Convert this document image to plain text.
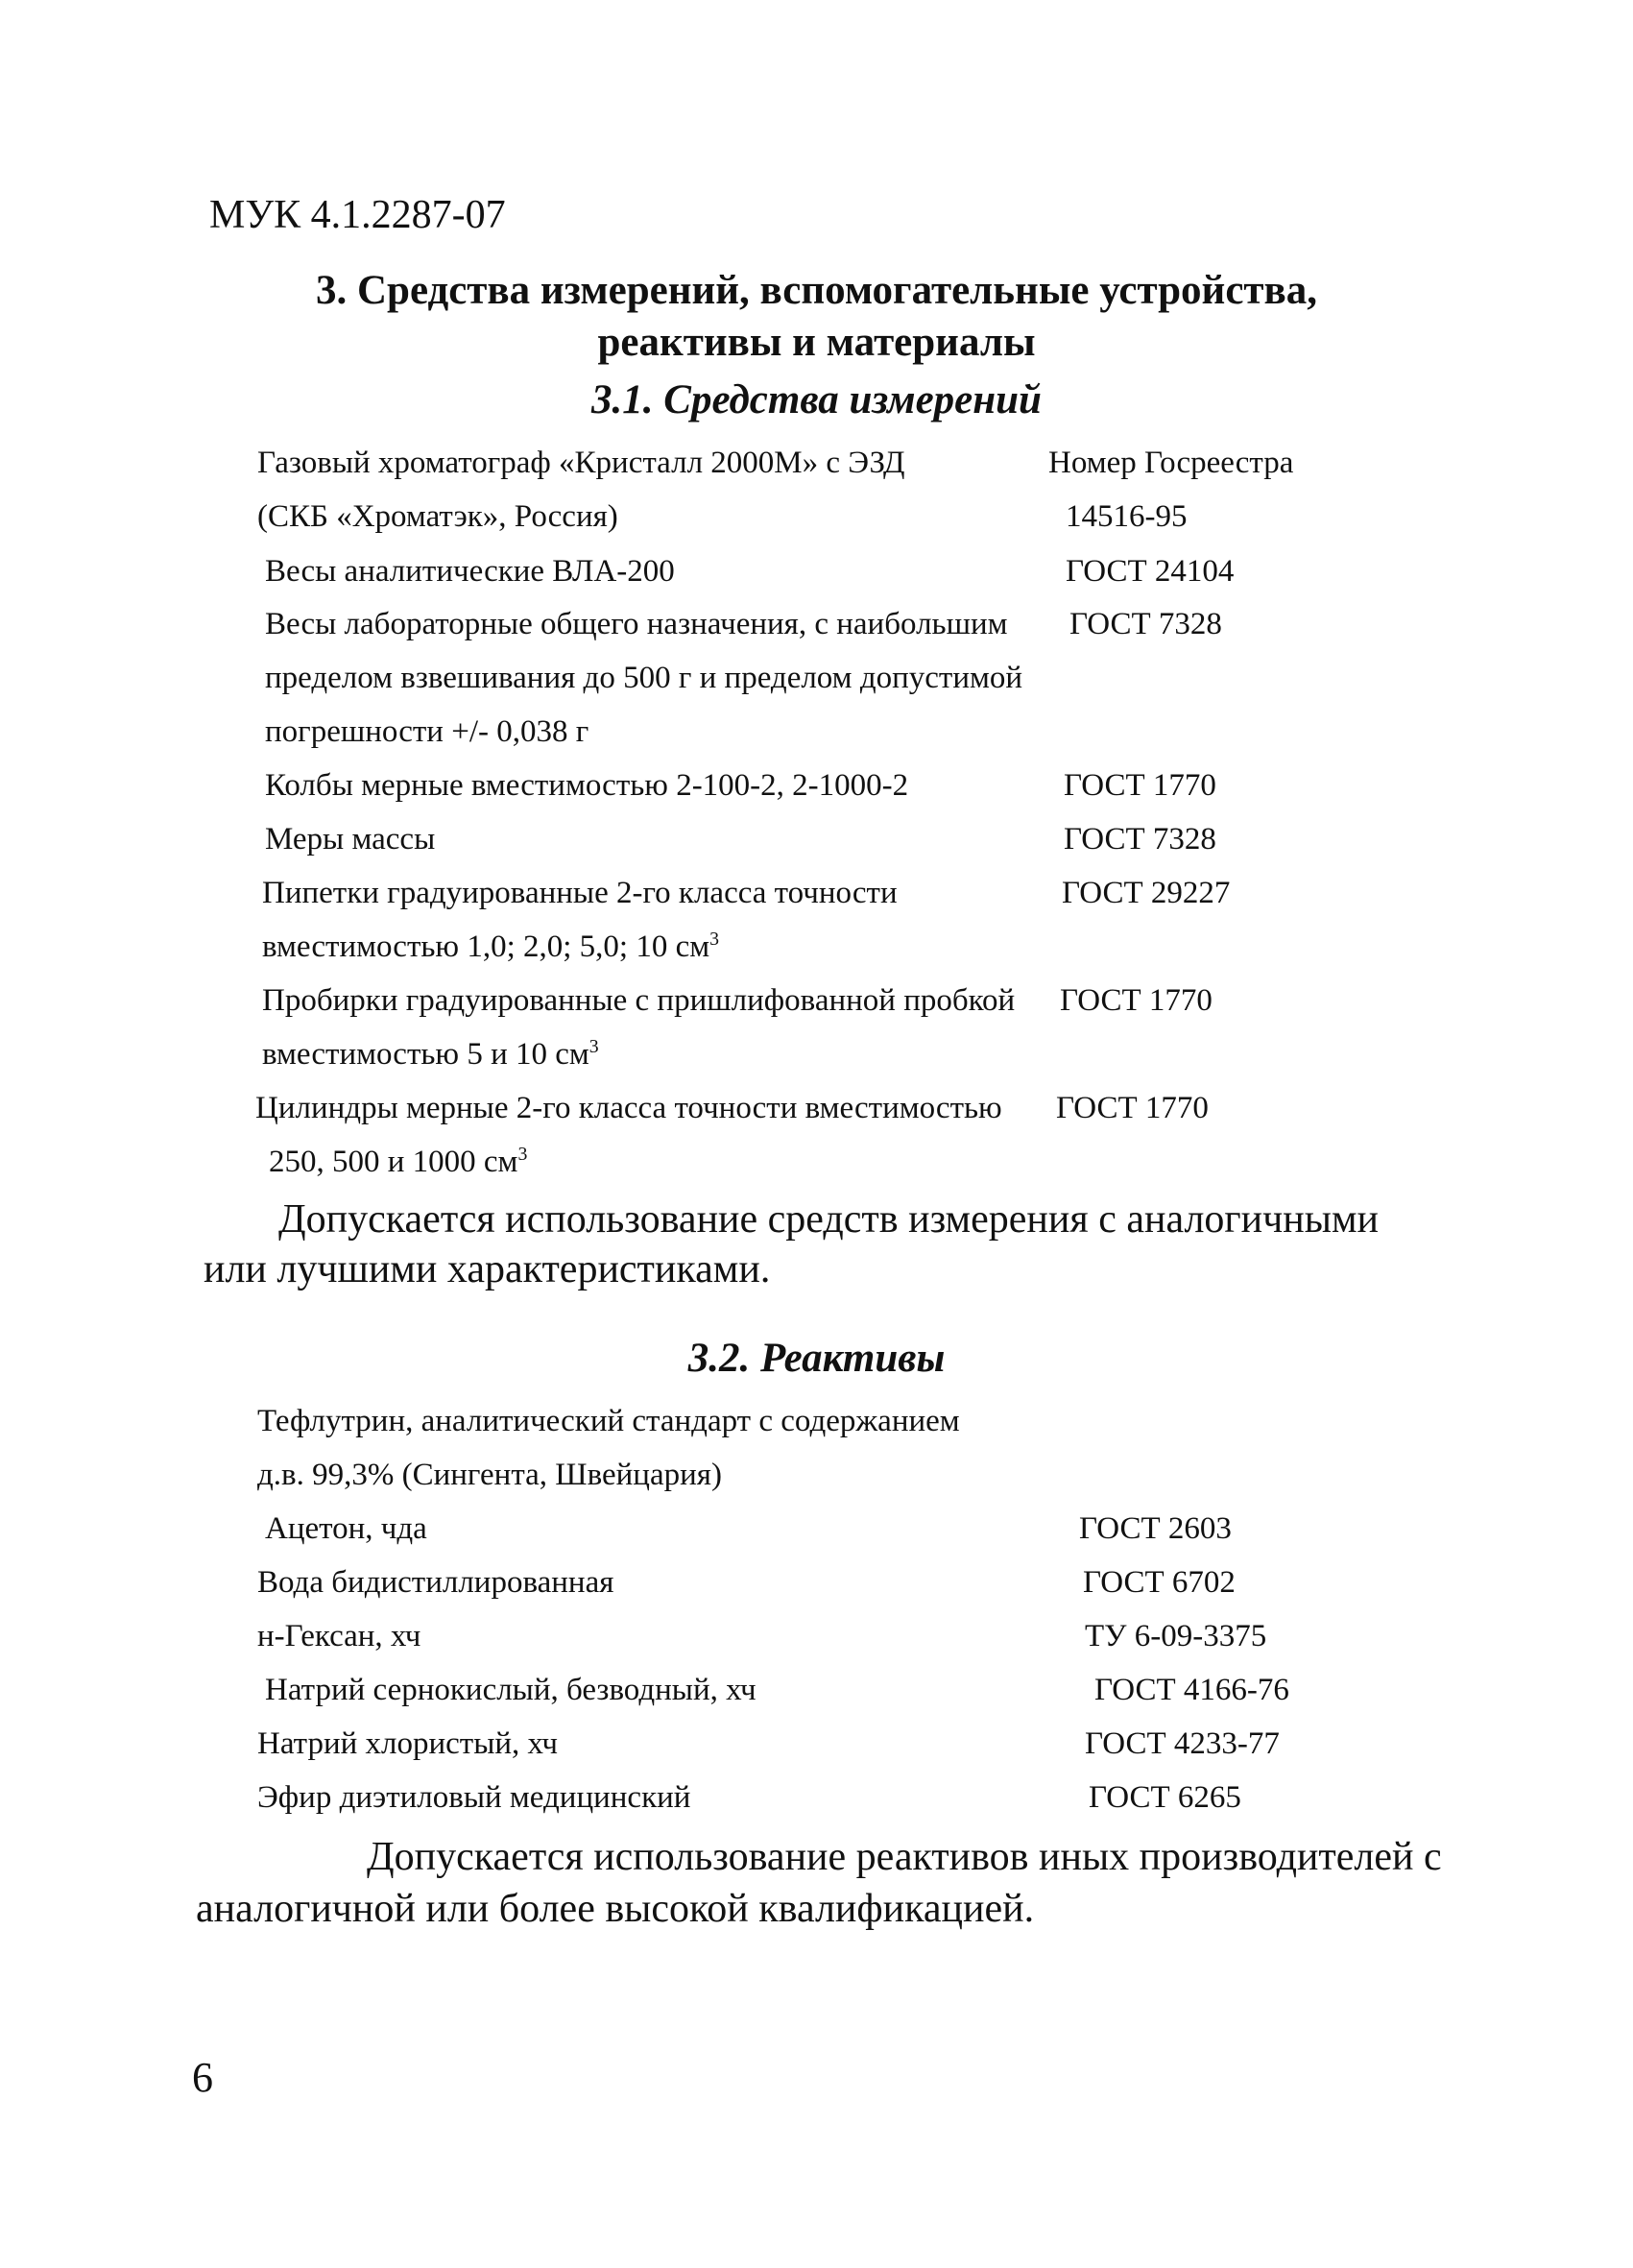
МУК 4.1.2287-07
3. Средства измерений, вспомогательные устройства,
реактивы и материалы
3.1. Средства измерений
Газовый хроматограф «Кристалл 2000М» с ЭЗД	Номер Госреестра
(СКБ «Хроматэк», Россия)	14516-95
Весы аналитические ВЛА-200	ГОСТ 24104
Весы лабораторные общего назначения, с наибольшим ГОСТ 7328
пределом взвешивания до 500 г и пределом допустимой
погрешности +/- 0,038 г
Колбы мерные вместимостью 2-100-2, 2-1000-2	ГОСТ 1770
Меры массы	ГОСТ 7328
Пипетки градуированные 2-го класса точности	ГОСТ 29227
вместимостью 1,0; 2,0; 5,0; 10 $см^3$
Пробирки градуированные с пришлифованной пробкой ГОСТ 1770
вместимостью 5 и 10 $см^3$
Цилиндры мерные 2-го класса точности вместимостью ГОСТ 1770
250, 500 и 1000 $см^3$
Допускается использование средств измерения с аналогичными
или лучшими характеристиками.
3.2. Реактивы
Тефлутрин, аналитический стандарт с содержанием
д.в. 99,3% (Сингента, Швейцария)
Ацетон, чда	ГОСТ 2603
Вода бидистиллированная	ГОСТ 6702
н-Гексан, хч	ТУ 6-09-3375
Натрий сернокислый, безводный, хч	ГОСТ 4166-76
Натрий хлористый, хч	ГОСТ 4233-77
Эфир диэтиловый медицинский	ГОСТ 6265
Допускается использование реактивов иных производителей с
аналогичной или более высокой квалификацией.
6
